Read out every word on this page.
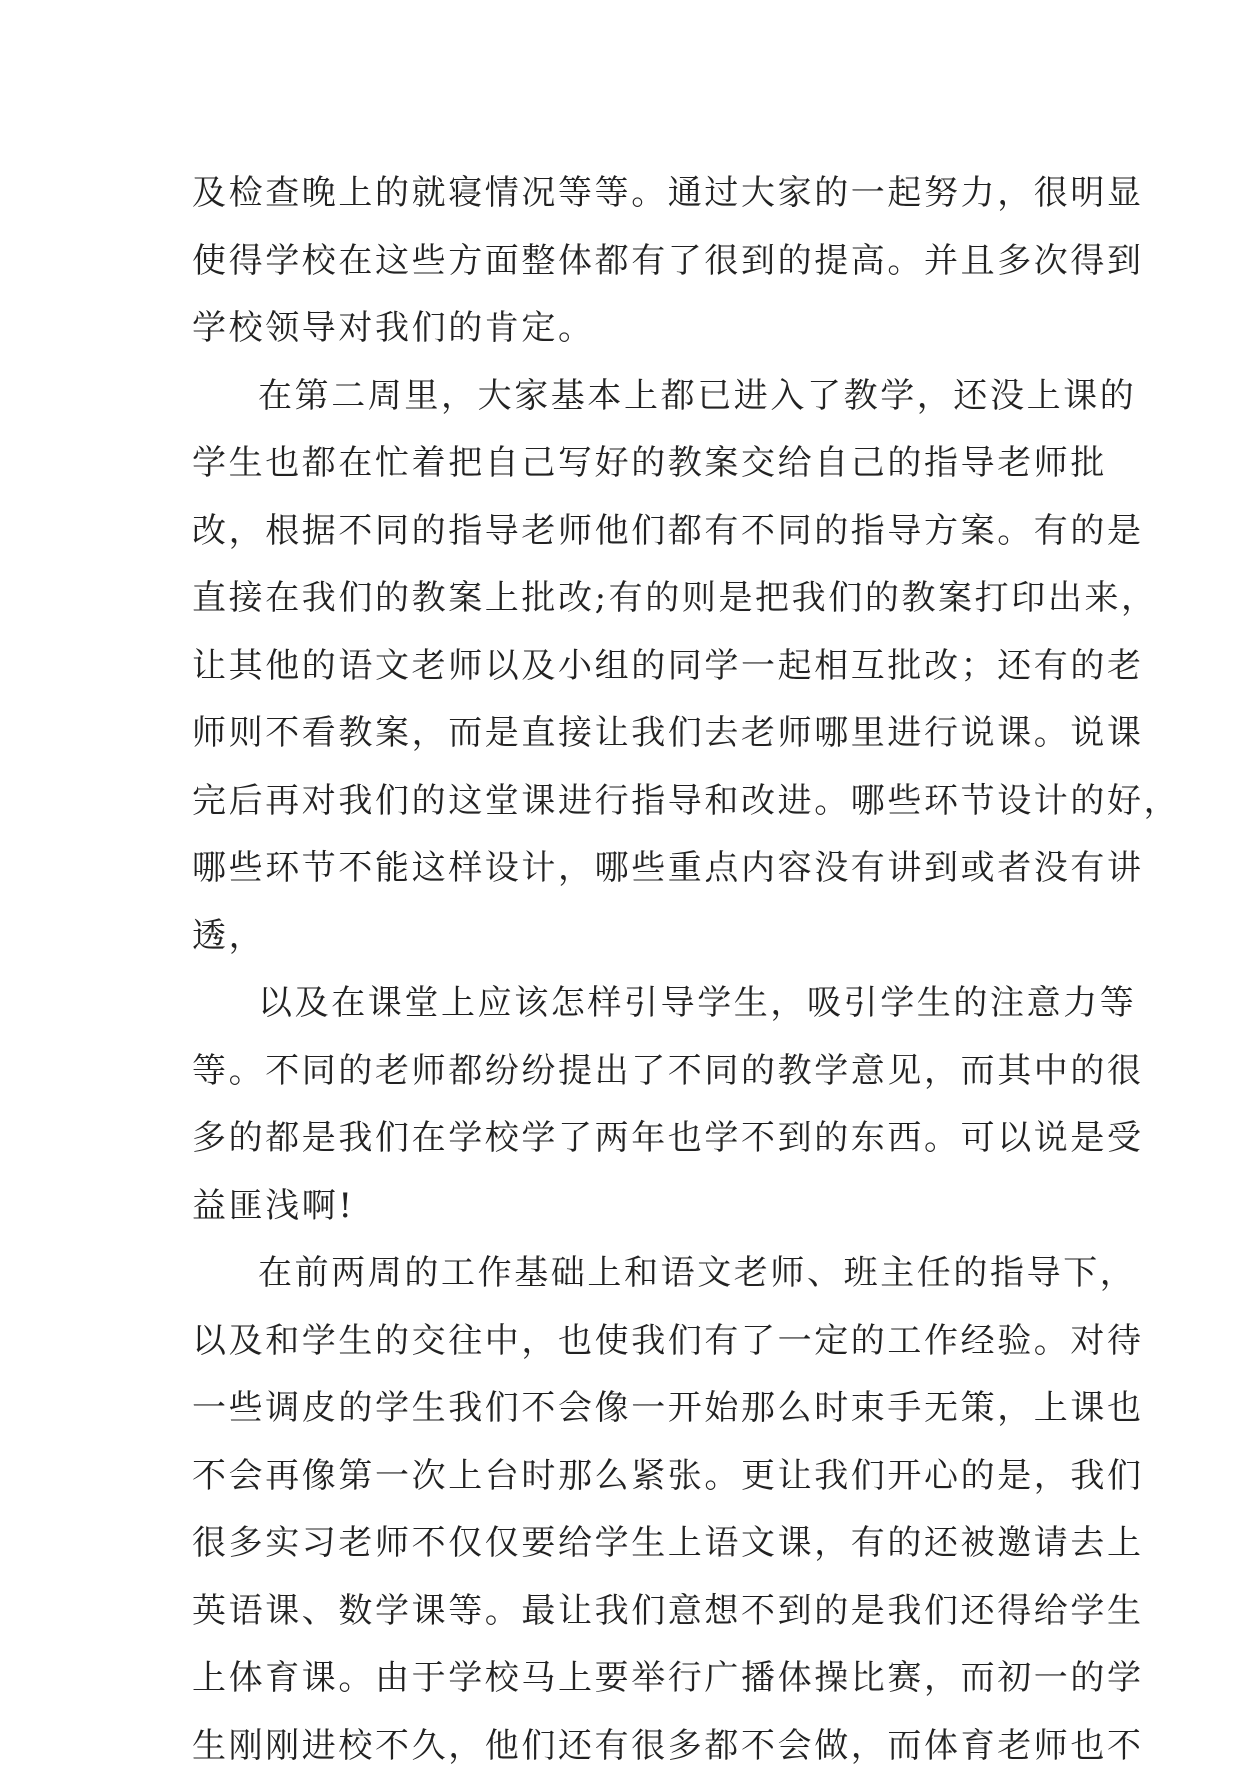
及检查晚上的就寝情况等等。通过大家的一起努力，很明显
使得学校在这些方面整体都有了很到的提高。并且多次得到
学校领导对我们的肯定。
在第二周里，大家基本上都已进入了教学，还没上课的
学生也都在忙着把自己写好的教案交给自己的指导老师批
改，根据不同的指导老师他们都有不同的指导方案。有的是
直接在我们的教案上批改;有的则是把我们的教案打印出来，
让其他的语文老师以及小组的同学一起相互批改；还有的老
师则不看教案，而是直接让我们去老师哪里进行说课。说课
完后再对我们的这堂课进行指导和改进。哪些环节设计的好，
哪些环节不能这样设计，哪些重点内容没有讲到或者没有讲
透，
以及在课堂上应该怎样引导学生，吸引学生的注意力等
等。不同的老师都纷纷提出了不同的教学意见，而其中的很
多的都是我们在学校学了两年也学不到的东西。可以说是受
益匪浅啊!
在前两周的工作基础上和语文老师、班主任的指导下，
以及和学生的交往中，也使我们有了一定的工作经验。对待
一些调皮的学生我们不会像一开始那么时束手无策，上课也
不会再像第一次上台时那么紧张。更让我们开心的是，我们
很多实习老师不仅仅要给学生上语文课，有的还被邀请去上
英语课、数学课等。最让我们意想不到的是我们还得给学生
上体育课。由于学校马上要举行广播体操比赛，而初一的学
生刚刚进校不久，他们还有很多都不会做，而体育老师也不
